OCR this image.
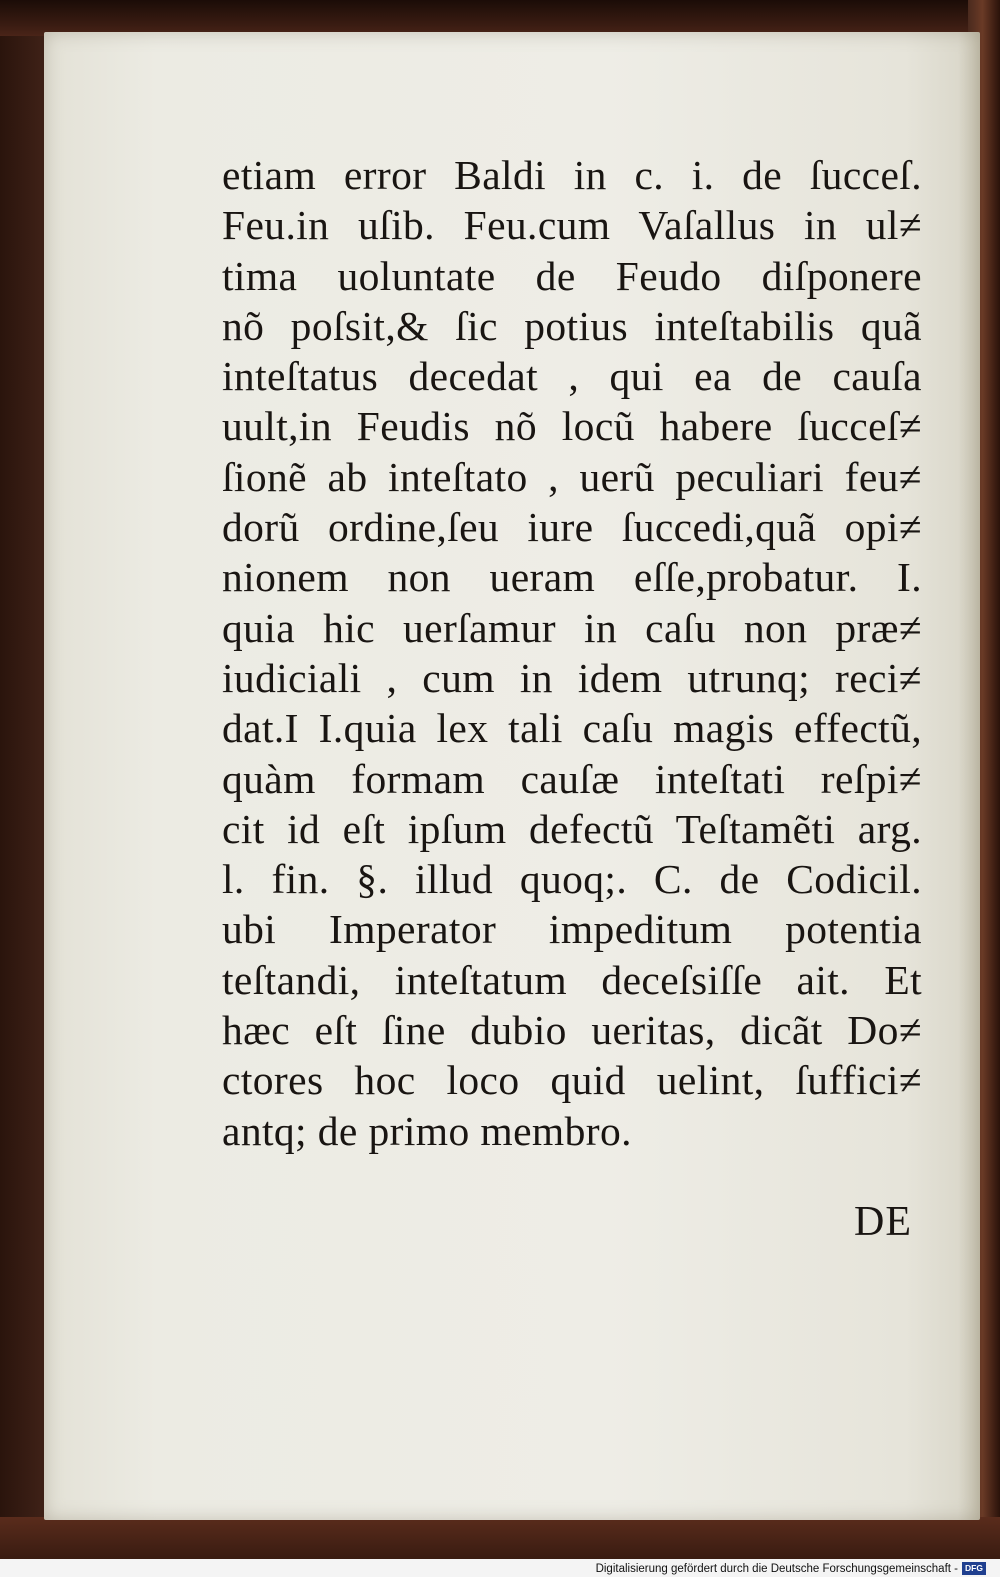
etiam error Baldi in c. i. de ſucceſ.
Feu.in uſib. Feu.cum Vaſallus in ul≠
tima uoluntate de Feudo diſponere
nõ poſsit,& ſic potius inteſtabilis quã
inteſtatus decedat , qui ea de cauſa
uult,in Feudis nõ locũ habere ſucceſ≠
ſionẽ ab inteſtato , uerũ peculiari feu≠
dorũ ordine,ſeu iure ſuccedi,quã opi≠
nionem non ueram eſſe,probatur. I.
quia hic uerſamur in caſu non præ≠
iudiciali , cum in idem utrunq; reci≠
dat.I I.quia lex tali caſu magis effectũ,
quàm formam cauſæ inteſtati reſpi≠
cit id eſt ipſum defectũ Teſtamẽti arg.
l. fin. §. illud quoq;. C. de Codicil.
ubi Imperator impeditum potentia
teſtandi, inteſtatum deceſsiſſe ait. Et
hæc eſt ſine dubio ueritas, dicãt Do≠
ctores hoc loco quid uelint, ſuffici≠
antq; de primo membro.
DE
Digitalisierung gefördert durch die Deutsche Forschungsgemeinschaft - DFG
